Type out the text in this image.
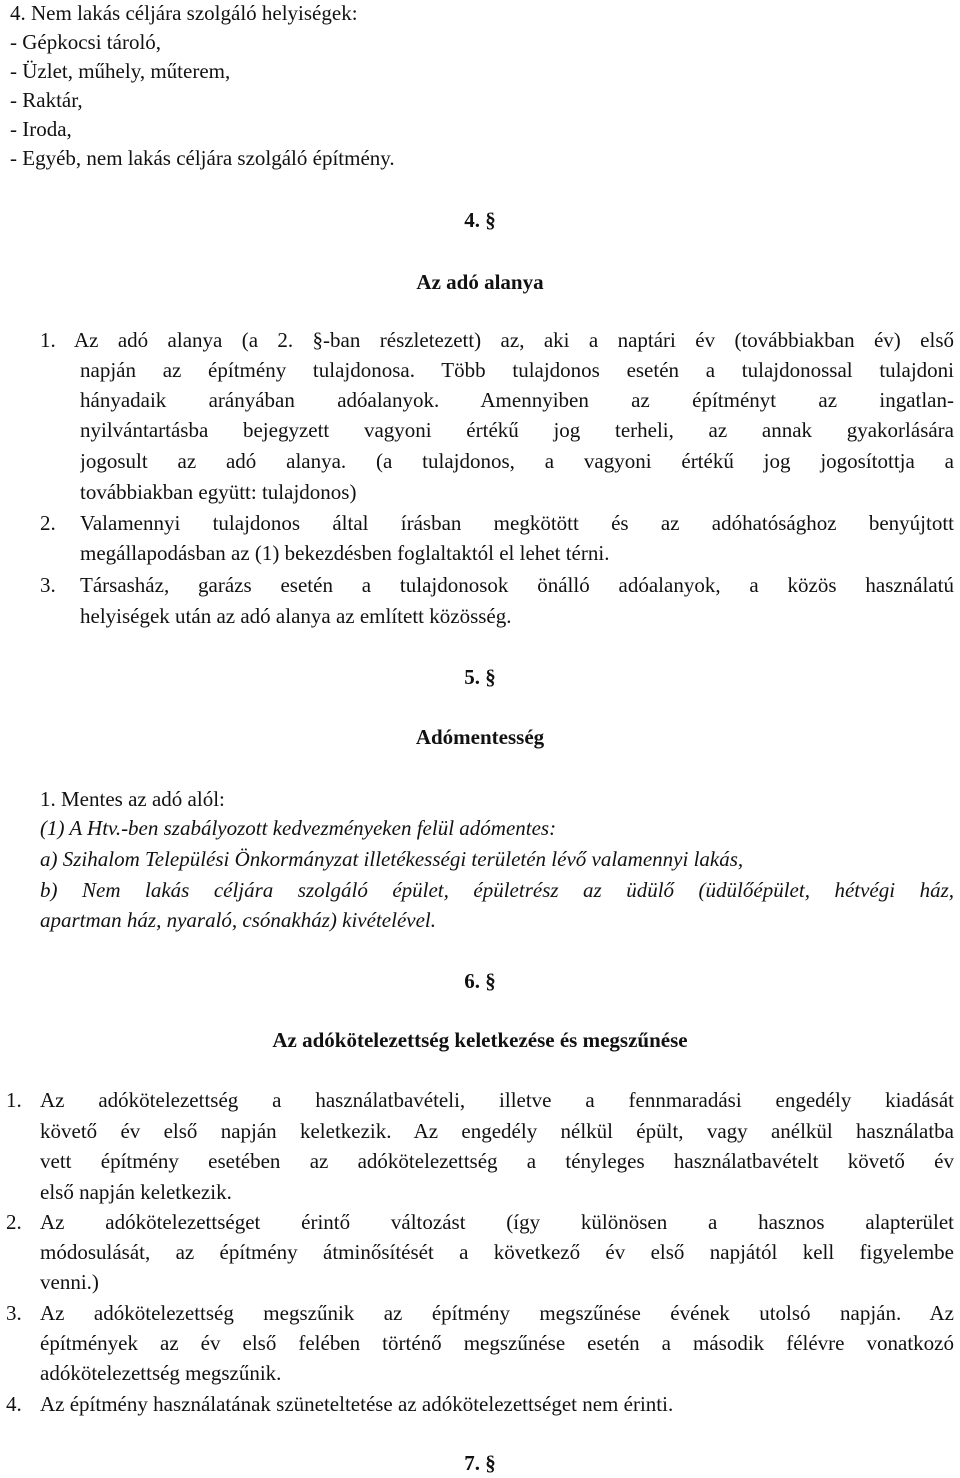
4. Nem lakás céljára szolgáló helyiségek:
- Gépkocsi tároló,
- Üzlet, műhely, műterem,
- Raktár,
- Iroda,
- Egyéb, nem lakás céljára szolgáló építmény.
4. §
Az adó alanya
1. Az adó alanya (a 2. §-ban részletezett) az, aki a naptári év (továbbiakban év) első
napján az építmény tulajdonosa. Több tulajdonos esetén a tulajdonossal tulajdoni
hányadaik arányában adóalanyok. Amennyiben az építményt az ingatlan-
nyilvántartásba bejegyzett vagyoni értékű jog terheli, az annak gyakorlására
jogosult az adó alanya. (a tulajdonos, a vagyoni értékű jog jogosítottja a
továbbiakban együtt: tulajdonos)
2. Valamennyi tulajdonos által írásban megkötött és az adóhatósághoz benyújtott
megállapodásban az (1) bekezdésben foglaltaktól el lehet térni.
3. Társasház, garázs esetén a tulajdonosok önálló adóalanyok, a közös használatú
helyiségek után az adó alanya az említett közösség.
5. §
Adómentesség
1. Mentes az adó alól:
(1) A Htv.-ben szabályozott kedvezményeken felül adómentes:
a) Szihalom Települési Önkormányzat illetékességi területén lévő valamennyi lakás,
b) Nem lakás céljára szolgáló épület, épületrész az üdülő (üdülőépület, hétvégi ház,
apartman ház, nyaraló, csónakház) kivételével.
6. §
Az adókötelezettség keletkezése és megszűnése
1. Az adókötelezettség a használatbavételi, illetve a fennmaradási engedély kiadását
követő év első napján keletkezik. Az engedély nélkül épült, vagy anélkül használatba
vett építmény esetében az adókötelezettség a tényleges használatbavételt követő év
első napján keletkezik.
2. Az adókötelezettséget érintő változást (így különösen a hasznos alapterület
módosulását, az építmény átminősítését a következő év első napjától kell figyelembe
venni.)
3. Az adókötelezettség megszűnik az építmény megszűnése évének utolsó napján. Az
építmények az év első felében történő megszűnése esetén a második félévre vonatkozó
adókötelezettség megszűnik.
4. Az építmény használatának szüneteltetése az adókötelezettséget nem érinti.
7. §
